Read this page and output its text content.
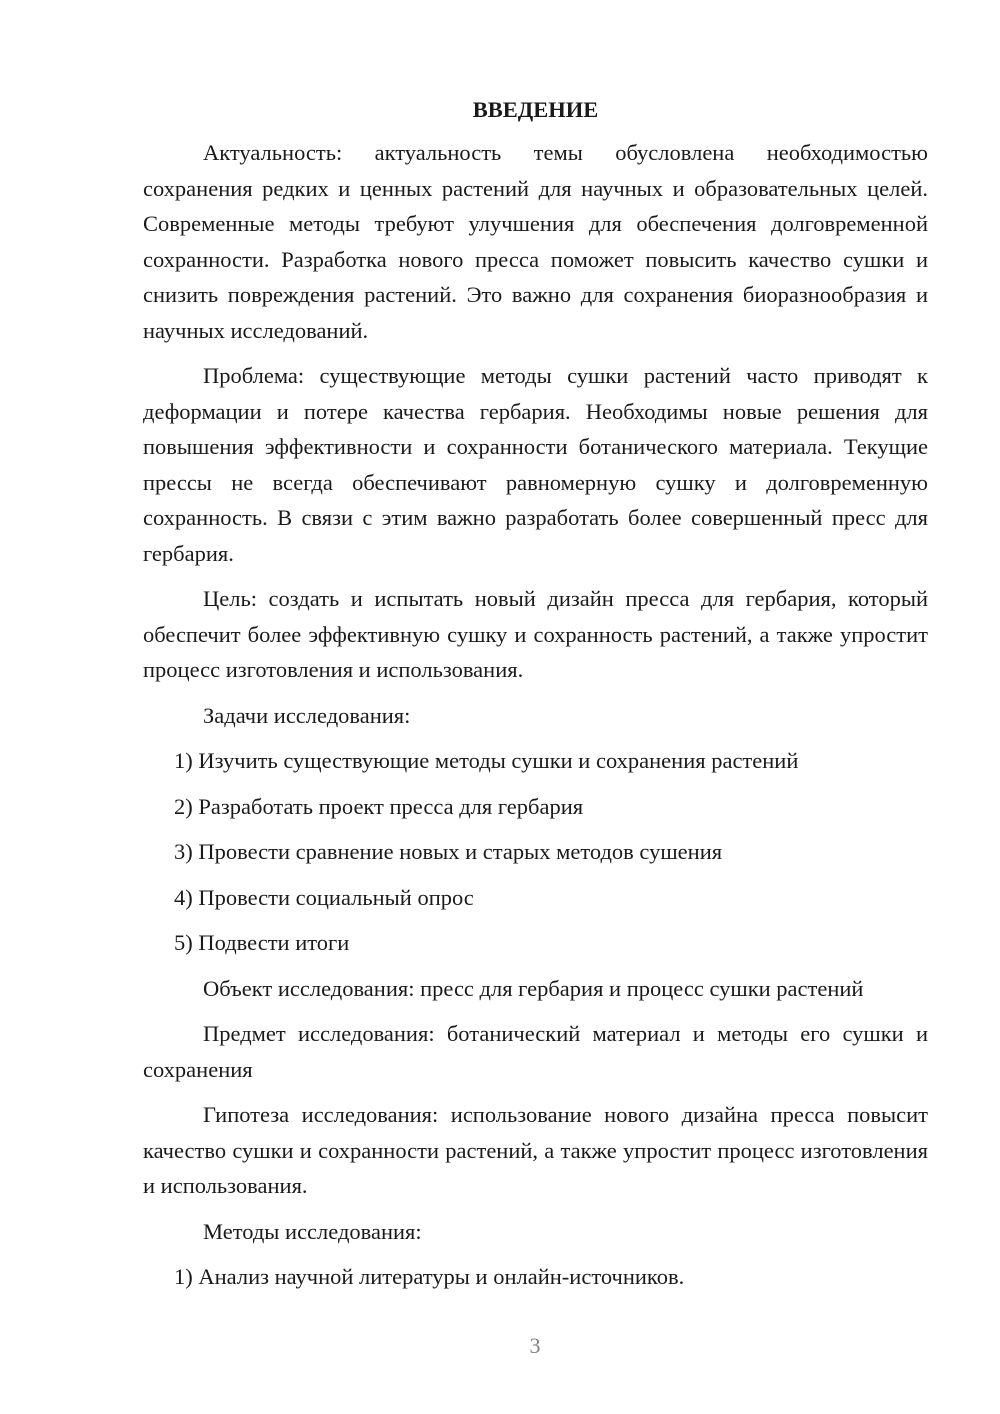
ВВЕДЕНИЕ
Актуальность: актуальность темы обусловлена необходимостью сохранения редких и ценных растений для научных и образовательных целей. Современные методы требуют улучшения для обеспечения долговременной сохранности. Разработка нового пресса поможет повысить качество сушки и снизить повреждения растений. Это важно для сохранения биоразнообразия и научных исследований.
Проблема: существующие методы сушки растений часто приводят к деформации и потере качества гербария. Необходимы новые решения для повышения эффективности и сохранности ботанического материала. Текущие прессы не всегда обеспечивают равномерную сушку и долговременную сохранность. В связи с этим важно разработать более совершенный пресс для гербария.
Цель: создать и испытать новый дизайн пресса для гербария, который обеспечит более эффективную сушку и сохранность растений, а также упростит процесс изготовления и использования.
Задачи исследования:
1) Изучить существующие методы сушки и сохранения растений
2) Разработать проект пресса для гербария
3) Провести сравнение новых и старых методов сушения
4) Провести социальный опрос
5) Подвести итоги
Объект исследования: пресс для гербария и процесс сушки растений
Предмет исследования: ботанический материал и методы его сушки и сохранения
Гипотеза исследования: использование нового дизайна пресса повысит качество сушки и сохранности растений, а также упростит процесс изготовления и использования.
Методы исследования:
1) Анализ научной литературы и онлайн-источников.
3
